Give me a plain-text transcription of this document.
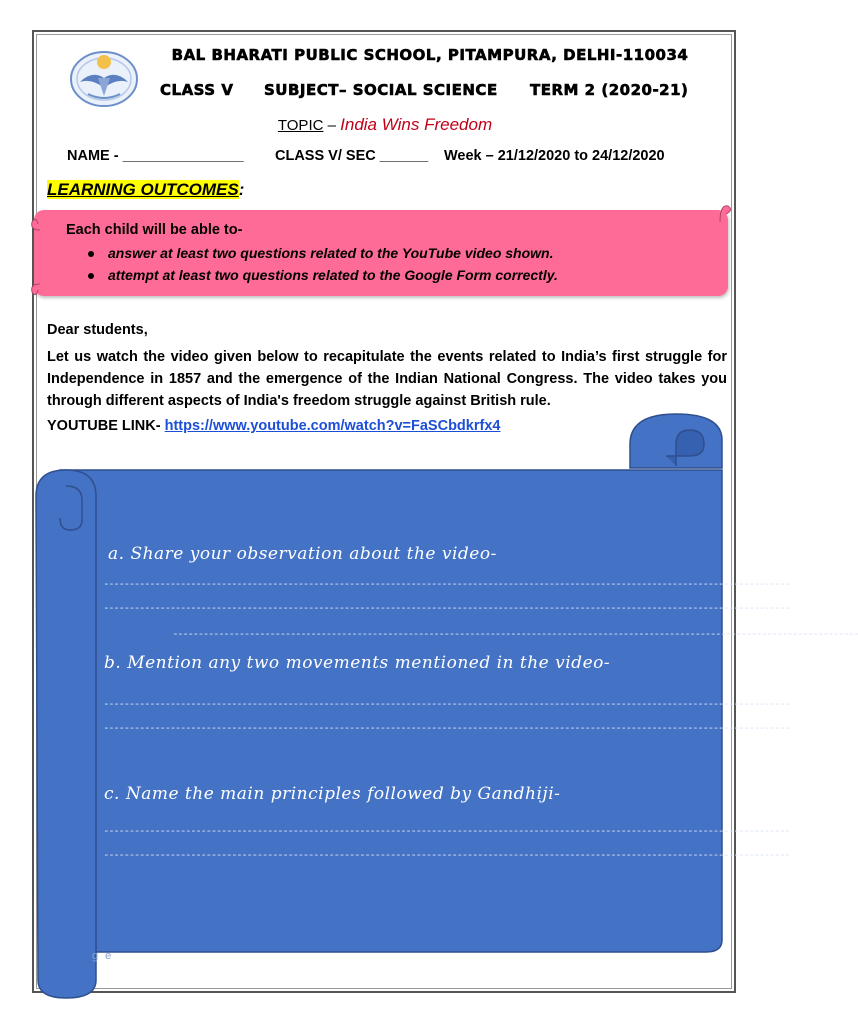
BAL BHARATI PUBLIC SCHOOL, PITAMPURA, DELHI-110034
CLASS V SUBJECT– SOCIAL SCIENCE TERM 2 (2020-21)
TOPIC – India Wins Freedom
NAME - _______________ CLASS V/ SEC ______ Week – 21/12/2020 to 24/12/2020
LEARNING OUTCOMES:
Each child will be able to-
answer at least two questions related to the YouTube video shown.
attempt at least two questions related to the Google Form correctly.
Dear students,
Let us watch the video given below to recapitulate the events related to India’s first struggle for Independence in 1857 and the emergence of the Indian National Congress. The video takes you through different aspects of India's freedom struggle against British rule.
YOUTUBE LINK- https://www.youtube.com/watch?v=FaSCbdkrfx4
a. Share your observation about the video-
--------------------------------------------------------------------------------------------------------------------------------------
--------------------------------------------------------------------------------------------------------------------------------------
--------------------------------------------------------------------------------------------------------------------------------------
b. Mention any two movements mentioned in the video-
--------------------------------------------------------------------------------------------------------------------------------------
--------------------------------------------------------------------------------------------------------------------------------------
c. Name the main principles followed by Gandhiji-
--------------------------------------------------------------------------------------------------------------------------------------
--------------------------------------------------------------------------------------------------------------------------------------
g e
